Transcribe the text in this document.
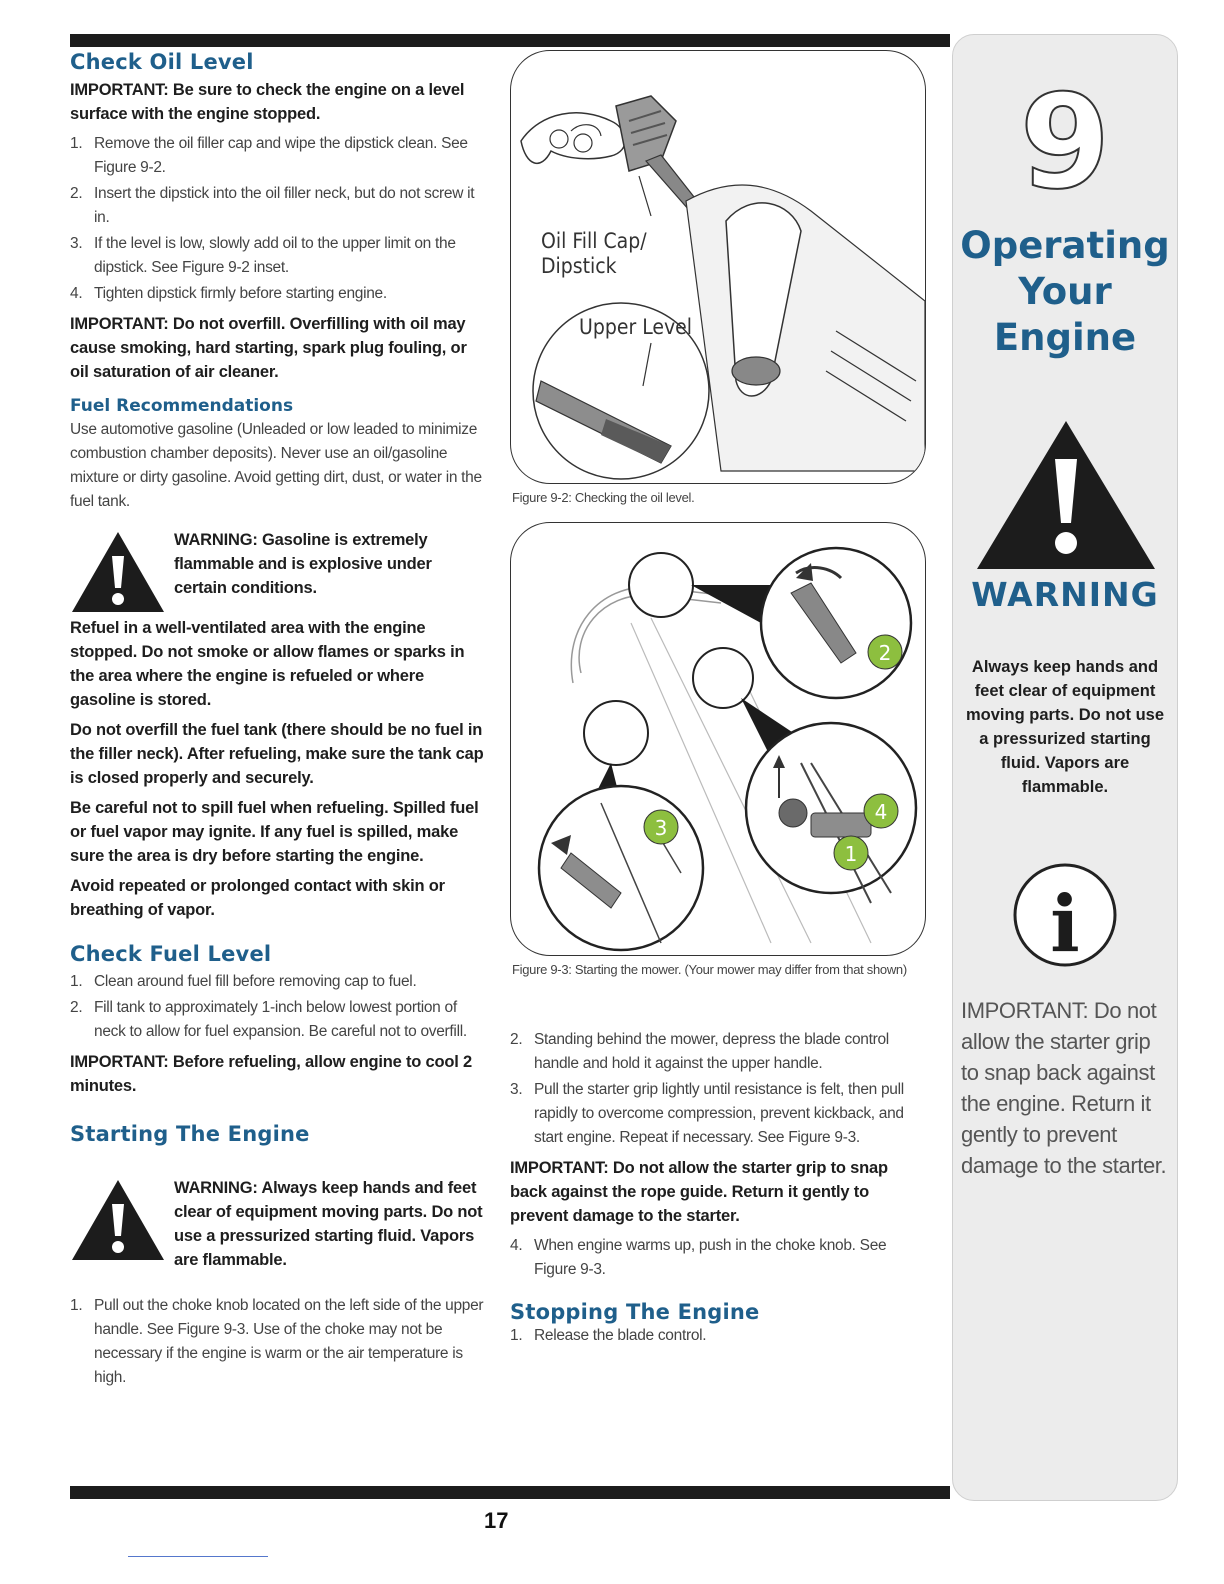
Check Oil Level

IMPORTANT: Be sure to check the engine on a level surface with the engine stopped.

1. Remove the oil filler cap and wipe the dipstick clean. See Figure 9-2.
2. Insert the dipstick into the oil filler neck, but do not screw it in.
3. If the level is low, slowly add oil to the upper limit on the dipstick. See Figure 9-2 inset.
4. Tighten dipstick firmly before starting engine.

IMPORTANT: Do not overfill. Overfilling with oil may cause smoking, hard starting, spark plug fouling, or oil saturation of air cleaner.

Fuel Recommendations

Use automotive gasoline (Unleaded or low leaded to minimize combustion chamber deposits). Never use an oil/gasoline mixture or dirty gasoline. Avoid getting dirt, dust, or water in the fuel tank.

WARNING: Gasoline is extremely flammable and is explosive under certain conditions.

Refuel in a well-ventilated area with the engine stopped. Do not smoke or allow flames or sparks in the area where the engine is refueled or where gasoline is stored.

Do not overfill the fuel tank (there should be no fuel in the filler neck). After refueling, make sure the tank cap is closed properly and securely.

Be careful not to spill fuel when refueling. Spilled fuel or fuel vapor may ignite. If any fuel is spilled, make sure the area is dry before starting the engine.

Avoid repeated or prolonged contact with skin or breathing of vapor.

Check Fuel Level
1. Clean around fuel fill before removing cap to fuel.
2. Fill tank to approximately 1-inch below lowest portion of neck to allow for fuel expansion. Be careful not to overfill.

IMPORTANT: Before refueling, allow engine to cool 2 minutes.

Starting The Engine
WARNING: Always keep hands and feet clear of equipment moving parts. Do not use a pressurized starting fluid. Vapors are flammable.
1. Pull out the choke knob located on the left side of the upper handle. See Figure 9-3. Use of the choke may not be necessary if the engine is warm or the air temperature is high.
Oil Fill Cap/
Dipstick
Upper Level
Figure 9-2: Checking the oil level.
2
3
4
1
Figure 9-3: Starting the mower. (Your mower may differ from that shown)
2. Standing behind the mower, depress the blade control handle and hold it against the upper handle.
3. Pull the starter grip lightly until resistance is felt, then pull rapidly to overcome compression, prevent kickback, and start engine. Repeat if necessary. See Figure 9-3.

IMPORTANT: Do not allow the starter grip to snap back against the rope guide. Return it gently to prevent damage to the starter.

4. When engine warms up, push in the choke knob. See Figure 9-3.
Stopping The Engine
1. Release the blade control.
9
Operating
Your
Engine
WARNING
Always keep hands and feet clear of equipment moving parts. Do not use a pressurized starting fluid. Vapors are flammable.
i
IMPORTANT: Do not allow the starter grip to snap back against the engine. Return it gently to prevent damage to the starter.
17
